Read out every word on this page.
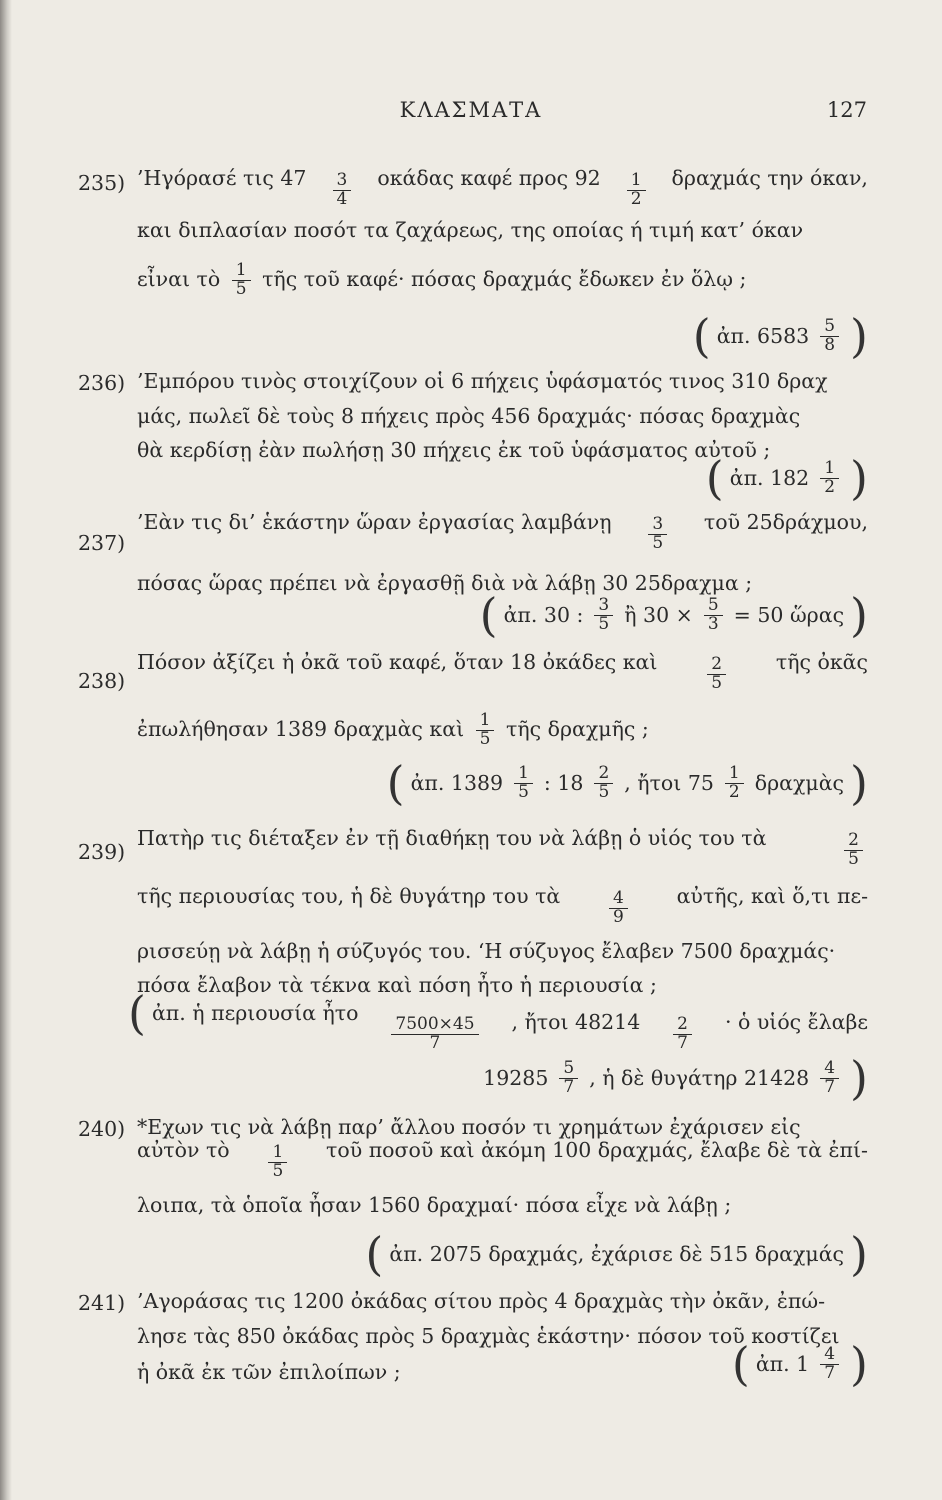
ΚΛΑΣΜΑΤΑ	127
235) ’Ηγόρασέ τις 47 3
4
οκάδας καφέ προς 92 1
2
δραχμάς την όκαν,
και διπλασίαν ποσότ τα ζαχάρεως, της οποίας ή τιμή κατ’ όκαν
εἶναι τὸ $\frac{1}{5}$ τῆς τοῦ καφέ· πόσας δραχμάς ἔδωκεν ἐν ὅλῳ ;
( ἀπ. 6583 5
8 )
236) ’Εμπόρου τινὸς στοιχίζουν οἱ 6 πήχεις ὑφάσματός τινος 310 δραχ
μάς, πωλεῖ δὲ τοὺς 8 πήχεις πρὸς 456 δραχμάς· πόσας δραχμὰς
θὰ κερδίσῃ ἐὰν πωλήσῃ 30 πήχεις ἐκ τοῦ ὑφάσματος αὐτοῦ ;
( ἀπ. 182 1
2 )
237)
’Εὰν τις δι’ ἑκάστην ὥραν ἐργασίας λαμβάνῃ 3
5
τοῦ 25δράχμου,
πόσας ὥρας πρέπει νὰ ἐργασθῇ διὰ νὰ λάβῃ 30 25δραχμα ;
( ἀπ. 30 : 3
5 ἢ $30 \times \frac{5}{3} = 50$ ὥρας )
238)
Πόσον ἀξίζει ἡ ὀκᾶ τοῦ καφέ, ὅταν 18 ὀκάδες καὶ	2
5
τῆς ὀκᾶς
ἐπωλήθησαν 1389 δραχμὰς καὶ $\frac{1}{5}$ τῆς δραχμῆς ;
( ἀπ. 1389 1
5 : 18 2
5 , ἤτοι 75 1
2 δραχμὰς )
239)
Πατὴρ τις διέταξεν ἐν τῇ διαθήκῃ του νὰ λάβῃ ὁ υἱός του τὰ	2
5
τῆς περιουσίας του, ἡ δὲ θυγάτηρ του τὰ	4
9
αὐτῆς, καὶ ὅ,τι πε-
ρισσεύῃ νὰ λάβῃ ἡ σύζυγός του. ‘Η σύζυγος ἔλαβεν 7500 δραχμάς·
πόσα ἔλαβον τὰ τέκνα καὶ πόση ἦτο ἡ περιουσία ;
( ἀπ. ἡ περιουσία ἦτο 7500×45
7
, ἤτοι 48214 2
7
· ὁ υἱός ἔλαβε
19285 5
7 , ἡ δὲ θυγάτηρ 21428 4
7 )
240) *Εχων τις νὰ λάβῃ παρ’ ἄλλου ποσόν τι χρημάτων ἐχάρισεν εἰς
αὐτὸν τὸ	1
5
τοῦ ποσοῦ καὶ ἀκόμη 100 δραχμάς, ἔλαβε δὲ τὰ ἐπί-
λοιπα, τὰ ὁποῖα ἦσαν 1560 δραχμαί· πόσα εἶχε νὰ λάβῃ ;
( ἀπ. 2075 δραχμάς, ἐχάρισε δὲ 515 δραχμάς )
241) ’Αγοράσας τις 1200 ὀκάδας σίτου πρὸς 4 δραχμὰς τὴν ὀκᾶν, ἐπώ-
λησε τὰς 850 ὀκάδας πρὸς 5 δραχμὰς ἑκάστην· πόσον τοῦ κοστίζει
ἡ ὀκᾶ ἐκ τῶν ἐπιλοίπων ;	( ἀπ. 1 4
7 )
